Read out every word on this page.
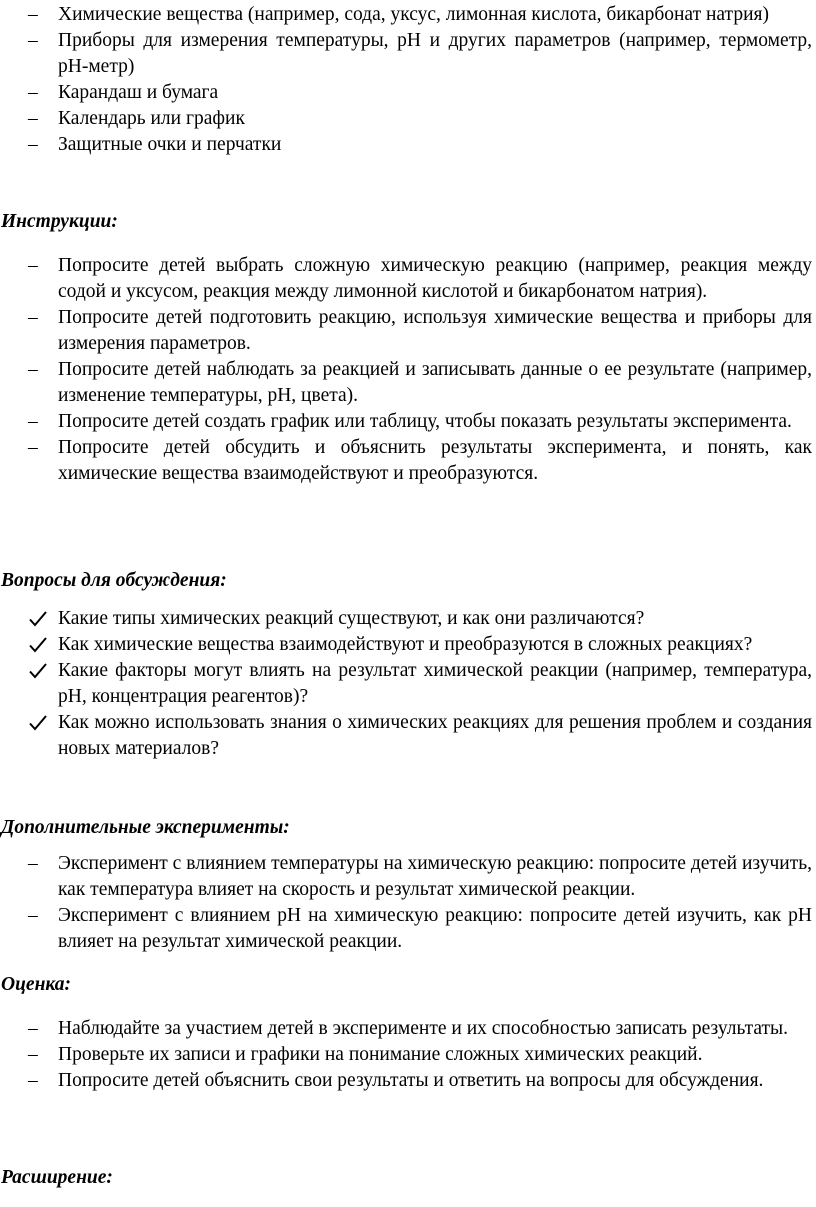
–	Химические вещества (например, сода, уксус, лимонная кислота, бикарбонат натрия)
–	Приборы для измерения температуры, pH и других параметров (например, термометр, pH-метр)
–	Карандаш и бумага
–	Календарь или график
–	Защитные очки и перчатки

Инструкции:

–	Попросите детей выбрать сложную химическую реакцию (например, реакция между содой и уксусом, реакция между лимонной кислотой и бикарбонатом натрия).
–	Попросите детей подготовить реакцию, используя химические вещества и приборы для измерения параметров.
–	Попросите детей наблюдать за реакцией и записывать данные о ее результате (например, изменение температуры, pH, цвета).
–	Попросите детей создать график или таблицу, чтобы показать результаты эксперимента.
–	Попросите детей обсудить и объяснить результаты эксперимента, и понять, как химические вещества взаимодействуют и преобразуются.

Вопросы для обсуждения:

Какие типы химических реакций существуют, и как они различаются?
Как химические вещества взаимодействуют и преобразуются в сложных реакциях?
Какие факторы могут влиять на результат химической реакции (например, температура, pH, концентрация реагентов)?
Как можно использовать знания о химических реакциях для решения проблем и создания новых материалов?

Дополнительные эксперименты:

–	Эксперимент с влиянием температуры на химическую реакцию: попросите детей изучить, как температура влияет на скорость и результат химической реакции.
–	Эксперимент с влиянием pH на химическую реакцию: попросите детей изучить, как pH влияет на результат химической реакции.

Оценка:

–	Наблюдайте за участием детей в эксперименте и их способностью записать результаты.
–	Проверьте их записи и графики на понимание сложных химических реакций.
–	Попросите детей объяснить свои результаты и ответить на вопросы для обсуждения.

Расширение:
